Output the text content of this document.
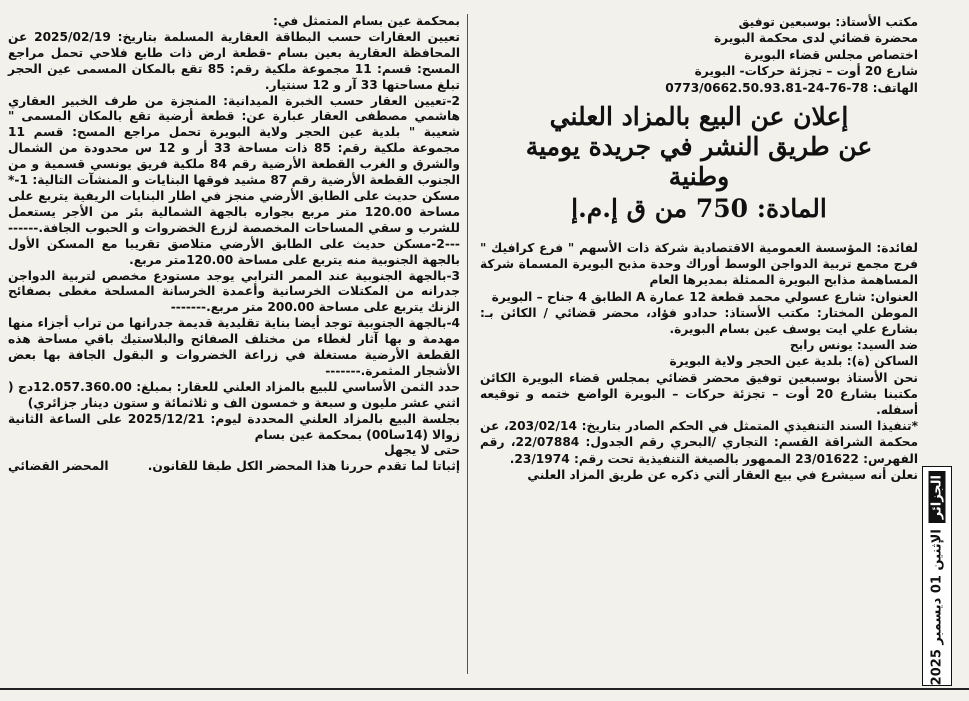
بمحكمة عين بسام المتمثل في:

تعيين العقارات حسب البطاقة العقارية المسلمة بتاريخ: 2025/02/19 عن المحافظة العقارية بعين بسام -قطعة ارض ذات طابع فلاحي تحمل مراجع المسح: قسم: 11 مجموعة ملكية رقم: 85 تقع بالمكان المسمى عين الحجر تبلغ مساحتها 33 آر و 12 سنتيار.

2-تعيين العقار حسب الخبرة الميدانية: المنجزة من طرف الخبير العقاري هاشمي مصطفى العقار عبارة عن: قطعة أرضية تقع بالمكان المسمى " شعيبة " بلدية عين الحجر ولاية البويرة تحمل مراجع المسح: قسم 11 مجموعة ملكية رقم: 85 ذات مساحة 33 أر و 12 س محدودة من الشمال والشرق و الغرب القطعة الأرضية رقم 84 ملكية فريق يونسي قسمية و من الجنوب القطعة الأرضية رقم 87 مشيد فوقها البنايات و المنشآت التالية: 1-* مسكن حديث على الطابق الأرضي منجز في اطار البنايات الريفية يتربع على مساحة 120.00 متر مربع بجواره بالجهة الشمالية بئر من الأجر يستعمل للشرب و سقي المساحات المخصصة لزرع الخضروات و الحبوب الجافة.---------2-مسكن حديث على الطابق الأرضي متلاصق تقريبا مع المسكن الأول بالجهة الجنوبية منه يتربع على مساحة 120.00متر مربع.

3-بالجهة الجنوبية عند الممر الترابي يوجد مستودع مخصص لتربية الدواجن جدرانه من المكتلات الخرسانية وأعمدة الخرسانة المسلحة مغطى بصفائح الزنك يتربع على مساحة 200.00 متر مربع.-------

4-بالجهة الجنوبية توجد أيضا بناية تقليدية قديمة جدرانها من تراب أجزاء منها مهدمة و بها آثار لغطاء من مختلف الصفائح والبلاستيك باقي مساحة هذه القطعة الأرضية مستغلة في زراعة الخضروات و البقول الجافة بها بعض الأشجار المثمرة.-------

حدد الثمن الأساسي للبيع بالمزاد العلني للعقار: بمبلغ: 12.057.360.00دج ( اثني عشر مليون و سبعة و خمسون الف و ثلاثمائة و ستون دينار جزائري)

بجلسة البيع بالمزاد العلني المحددة ليوم: 2025/12/21 على الساعة الثانية زوالا (14سا00) بمحكمة عين بسام

حتى لا يجهل

إثباتا لما تقدم حررنا هذا المحضر الكل طبقا للقانون.
المحضر القضائي
مكتب الأستاذ: بوسبعين توفيق
محضرة قضائي لدى محكمة البويرة
اختصاص مجلس قضاء البويرة
شارع 20 أوت – تجزئة حركات- البويرة
الهاتف: 78-76-24-0773/0662.50.93.81
إعلان عن البيع بالمزاد العلني
عن طريق النشر في جريدة يومية
وطنية
المادة: 750 من ق إ.م.إ

لفائدة: المؤسسة العمومية الاقتصادية شركة ذات الأسهم " فرع كرافيك " فرج مجمع تربية الدواجن الوسط أوراك وحدة مذبح البويرة المسماة شركة المساهمة مذابح البويرة الممثلة بمديرها العام

العنوان: شارع عسولي محمد قطعة 12 عمارة A الطابق 4 جناح – البويرة

الموطن المختار: مكتب الأستاذ: حدادو فؤاد، محضر قضائي / الكائن بـ: بشارع علي ايت يوسف عين بسام البويرة.

ضد السيد: يونس رابح

الساكن (ة): بلدية عين الحجر ولاية البويرة

نحن الأستاذ بوسبعين توفيق محضر قضائي بمجلس قضاء البويرة الكائن مكتبنا بشارع 20 أوت – تجزئة حركات – البويرة الواضع ختمه و توقيعه أسفله.

*تنفيذا السند التنفيذي المتمثل في الحكم الصادر بتاريخ: 203/02/14، عن محكمة الشراقة القسم: التجاري /البحري رقم الجدول: 22/07884، رقم الفهرس: 23/01622 الممهور بالصيغة التنفيذية تحت رقم: 23/1974.

نعلن أنه سيشرع في بيع العقار ألتي ذكره عن طريق المزاد العلني

الجزائرالإثنين 01 ديسمبر 2025
